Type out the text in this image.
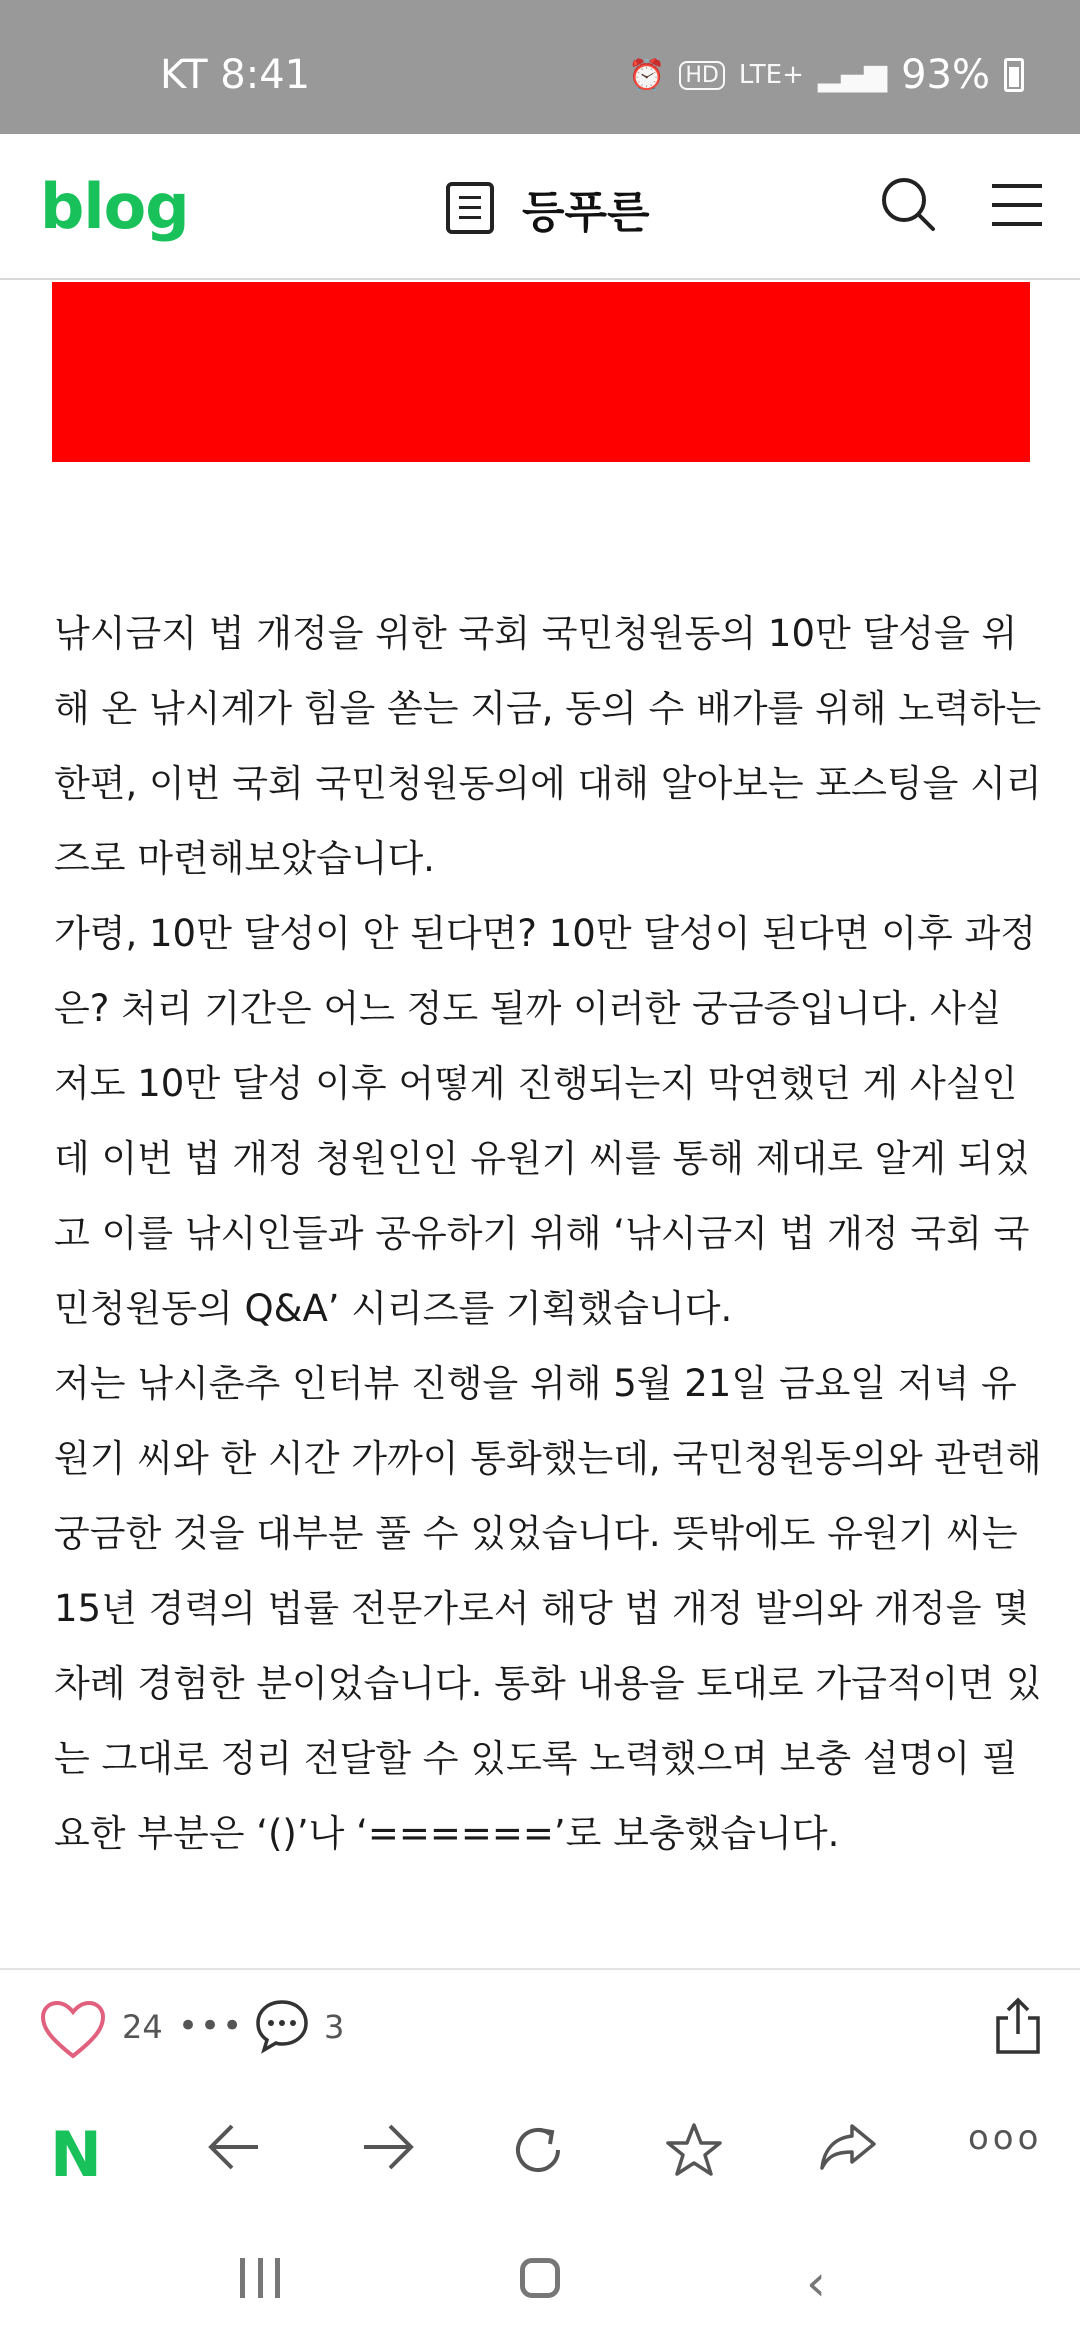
KT 8:41	⏰ HD LTE+ ▂▄▆ 93%
blog	등푸른

낚시금지 법 개정을 위한 국회 국민청원동의 10만 달성을 위해 온 낚시계가 힘을 쏟는 지금, 동의 수 배가를 위해 노력하는 한편, 이번 국회 국민청원동의에 대해 알아보는 포스팅을 시리즈로 마련해보았습니다.

가령, 10만 달성이 안 된다면? 10만 달성이 된다면 이후 과정은? 처리 기간은 어느 정도 될까 이러한 궁금증입니다. 사실 저도 10만 달성 이후 어떻게 진행되는지 막연했던 게 사실인데 이번 법 개정 청원인인 유원기 씨를 통해 제대로 알게 되었고 이를 낚시인들과 공유하기 위해 ‘낚시금지 법 개정 국회 국민청원동의 Q&A’ 시리즈를 기획했습니다.

저는 낚시춘추 인터뷰 진행을 위해 5월 21일 금요일 저녁 유원기 씨와 한 시간 가까이 통화했는데, 국민청원동의와 관련해 궁금한 것을 대부분 풀 수 있었습니다. 뜻밖에도 유원기 씨는 15년 경력의 법률 전문가로서 해당 법 개정 발의와 개정을 몇 차례 경험한 분이었습니다. 통화 내용을 토대로 가급적이면 있는 그대로 정리 전달할 수 있도록 노력했으며 보충 설명이 필요한 부분은 ‘()’나 ‘======’로 보충했습니다.

24 ••• 3
N	ooo
‹
